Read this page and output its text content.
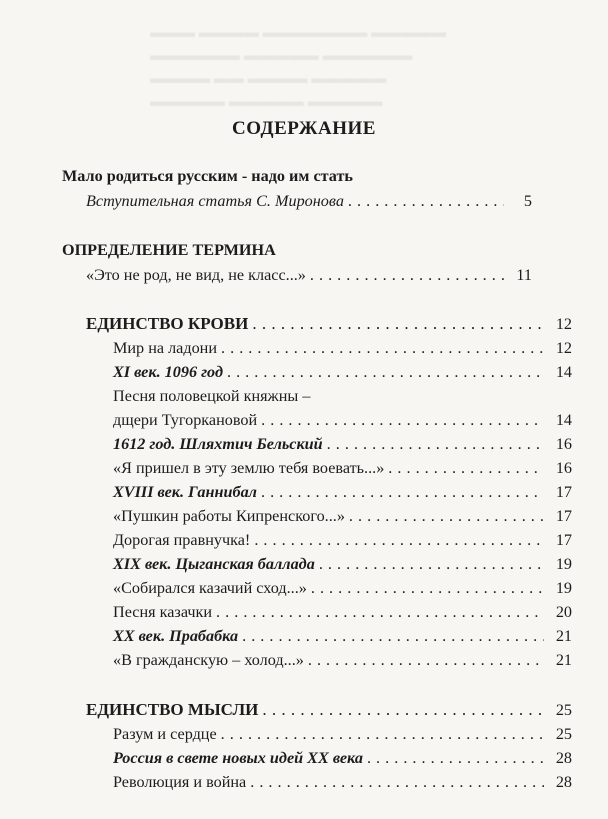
▬▬▬ ▬▬▬▬ ▬▬▬▬▬▬▬ ▬▬▬▬▬
▬▬▬▬▬▬ ▬▬▬▬▬ ▬▬▬▬▬▬
▬▬▬▬ ▬▬ ▬▬▬▬ ▬▬▬▬▬
▬▬▬▬▬ ▬▬▬▬▬ ▬▬▬▬▬
СОДЕРЖАНИЕ
Мало родиться русским - надо им стать
Вступительная статья С. Миронова . . .	5
ОПРЕДЕЛЕНИЕ ТЕРМИНА
«Это не род, не вид, не класс...» . . .	11
ЕДИНСТВО КРОВИ . . .	12
Мир на ладони . . .	12
XI век. 1096 год . . .	14
Песня половецкой княжны –
дщери Тугоркановой . . .	14
1612 год. Шляхтич Бельский . . .	16
«Я пришел в эту землю тебя воевать...» . . .	16
XVIII век. Ганнибал . . .	17
«Пушкин работы Кипренского...» . . .	17
Дорогая правнучка! . . .	17
XIX век. Цыганская баллада . . .	19
«Собирался казачий сход...» . . .	19
Песня казачки . . .	20
XX век. Прабабка . . .	21
«В гражданскую – холод...» . . .	21
ЕДИНСТВО МЫСЛИ . . .	25
Разум и сердце . . .	25
Россия в свете новых идей XX века . . .	28
Революция и война . . .	28
